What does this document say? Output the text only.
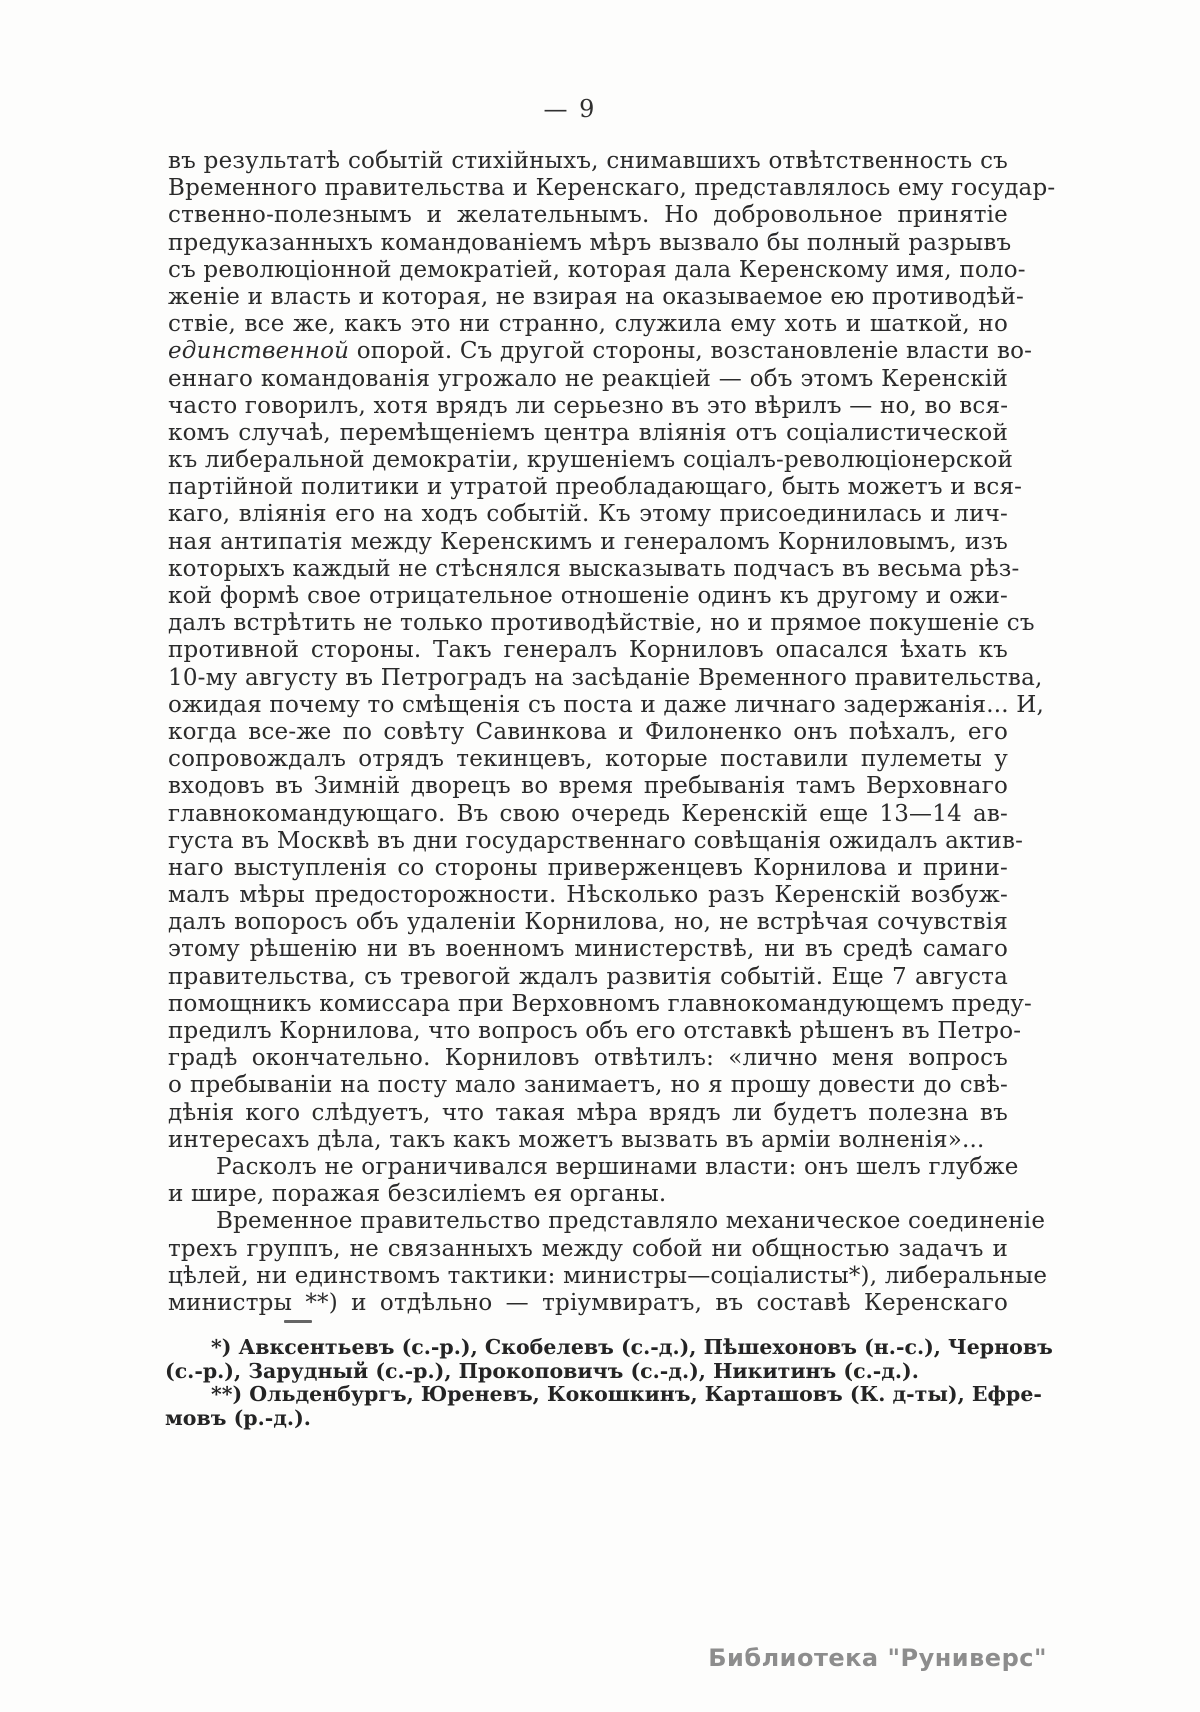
— 9
въ результатѣ событій стихійныхъ, снимавшихъ отвѣтственность съ
Временного правительства и Керенскаго, представлялось ему государ-
ственно-полезнымъ и желательнымъ. Но добровольное принятіе
предуказанныхъ командованіемъ мѣръ вызвало бы полный разрывъ
съ революціонной демократіей, которая дала Керенскому имя, поло-
женіе и власть и которая, не взирая на оказываемое ею противодѣй-
ствіе, все же, какъ это ни странно, служила ему хоть и шаткой, но
единственной опорой. Съ другой стороны, возстановленіе власти во-
еннаго командованія угрожало не реакціей — объ этомъ Керенскій
часто говорилъ, хотя врядъ ли серьезно въ это вѣрилъ — но, во вся-
комъ случаѣ, перемѣщеніемъ центра вліянія отъ соціалистической
къ либеральной демократіи, крушеніемъ соціалъ-революціонерской
партійной политики и утратой преобладающаго, быть можетъ и вся-
каго, вліянія его на ходъ событій. Къ этому присоединилась и лич-
ная антипатія между Керенскимъ и генераломъ Корниловымъ, изъ
которыхъ каждый не стѣснялся высказывать подчасъ въ весьма рѣз-
кой формѣ свое отрицательное отношеніе одинъ къ другому и ожи-
далъ встрѣтить не только противодѣйствіе, но и прямое покушеніе съ
противной стороны. Такъ генералъ Корниловъ опасался ѣхать къ
10-му августу въ Петроградъ на засѣданіе Временного правительства,
ожидая почему то смѣщенія съ поста и даже личнаго задержанія... И,
когда все-же по совѣту Савинкова и Филоненко онъ поѣхалъ, его
сопровождалъ отрядъ текинцевъ, которые поставили пулеметы у
входовъ въ Зимній дворецъ во время пребыванія тамъ Верховнаго
главнокомандующаго. Въ свою очередь Керенскій еще 13—14 ав-
густа въ Москвѣ въ дни государственнаго совѣщанія ожидалъ актив-
наго выступленія со стороны приверженцевъ Корнилова и прини-
малъ мѣры предосторожности. Нѣсколько разъ Керенскій возбуж-
далъ вопоросъ объ удаленіи Корнилова, но, не встрѣчая сочувствія
этому рѣшенію ни въ военномъ министерствѣ, ни въ средѣ самаго
правительства, съ тревогой ждалъ развитія событій. Еще 7 августа
помощникъ комиссара при Верховномъ главнокомандующемъ преду-
предилъ Корнилова, что вопросъ объ его отставкѣ рѣшенъ въ Петро-
градѣ окончательно. Корниловъ отвѣтилъ: «лично меня вопросъ
о пребываніи на посту мало занимаетъ, но я прошу довести до свѣ-
дѣнія кого слѣдуетъ, что такая мѣра врядъ ли будетъ полезна въ
интересахъ дѣла, такъ какъ можетъ вызвать въ арміи волненія»...
Расколъ не ограничивался вершинами власти: онъ шелъ глубже
и шире, поражая безсиліемъ ея органы.
Временное правительство представляло механическое соединеніе
трехъ группъ, не связанныхъ между собой ни общностью задачъ и
цѣлей, ни единствомъ тактики: министры—соціалисты*), либеральные
министры **) и отдѣльно — тріумвиратъ, въ составѣ Керенскаго
*) Авксентьевъ (с.-р.), Скобелевъ (с.-д.), Пѣшехоновъ (н.-с.), Черновъ
(с.-р.), Зарудный (с.-р.), Прокоповичъ (с.-д.), Никитинъ (с.-д.).
**) Ольденбургъ, Юреневъ, Кокошкинъ, Карташовъ (К. д-ты), Ефре-
мовъ (р.-д.).
Библиотека "Руниверс"
